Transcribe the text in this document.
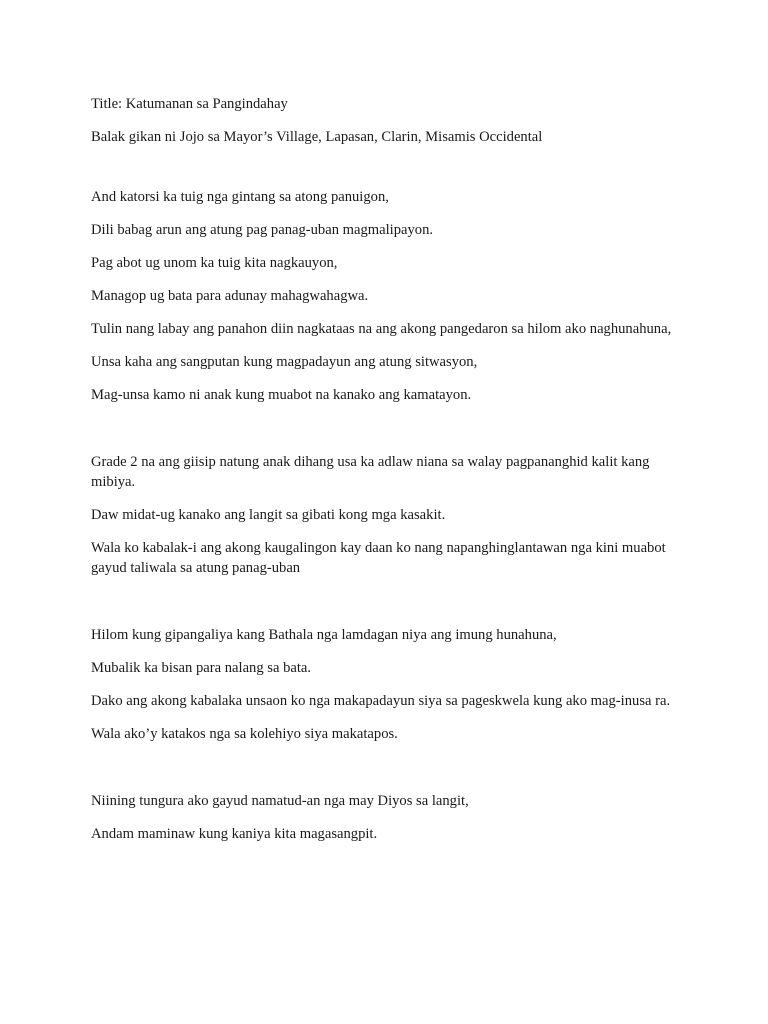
Title: Katumanan sa Pangindahay

Balak gikan ni Jojo sa Mayor’s Village, Lapasan, Clarin, Misamis Occidental

And katorsi ka tuig nga gintang sa atong panuigon,

Dili babag arun ang atung pag panag-uban magmalipayon.

Pag abot ug unom ka tuig kita nagkauyon,

Managop ug bata para adunay mahagwahagwa.

Tulin nang labay ang panahon diin nagkataas na ang akong pangedaron sa hilom ako naghunahuna,

Unsa kaha ang sangputan kung magpadayun ang atung sitwasyon,

Mag-unsa kamo ni anak kung muabot na kanako ang kamatayon.

Grade 2 na ang giisip natung anak dihang usa ka adlaw niana sa walay pagpananghid kalit kang mibiya.

Daw midat-ug kanako ang langit sa gibati kong mga kasakit.

Wala ko kabalak-i ang akong kaugalingon kay daan ko nang napanghinglantawan nga kini muabot gayud taliwala sa atung panag-uban

Hilom kung gipangaliya kang Bathala nga lamdagan niya ang imung hunahuna,

Mubalik ka bisan para nalang sa bata.

Dako ang akong kabalaka unsaon ko nga makapadayun siya sa pageskwela kung ako mag-inusa ra.

Wala ako’y katakos nga sa kolehiyo siya makatapos.

Niining tungura ako gayud namatud-an nga may Diyos sa langit,

Andam maminaw kung kaniya kita magasangpit.
